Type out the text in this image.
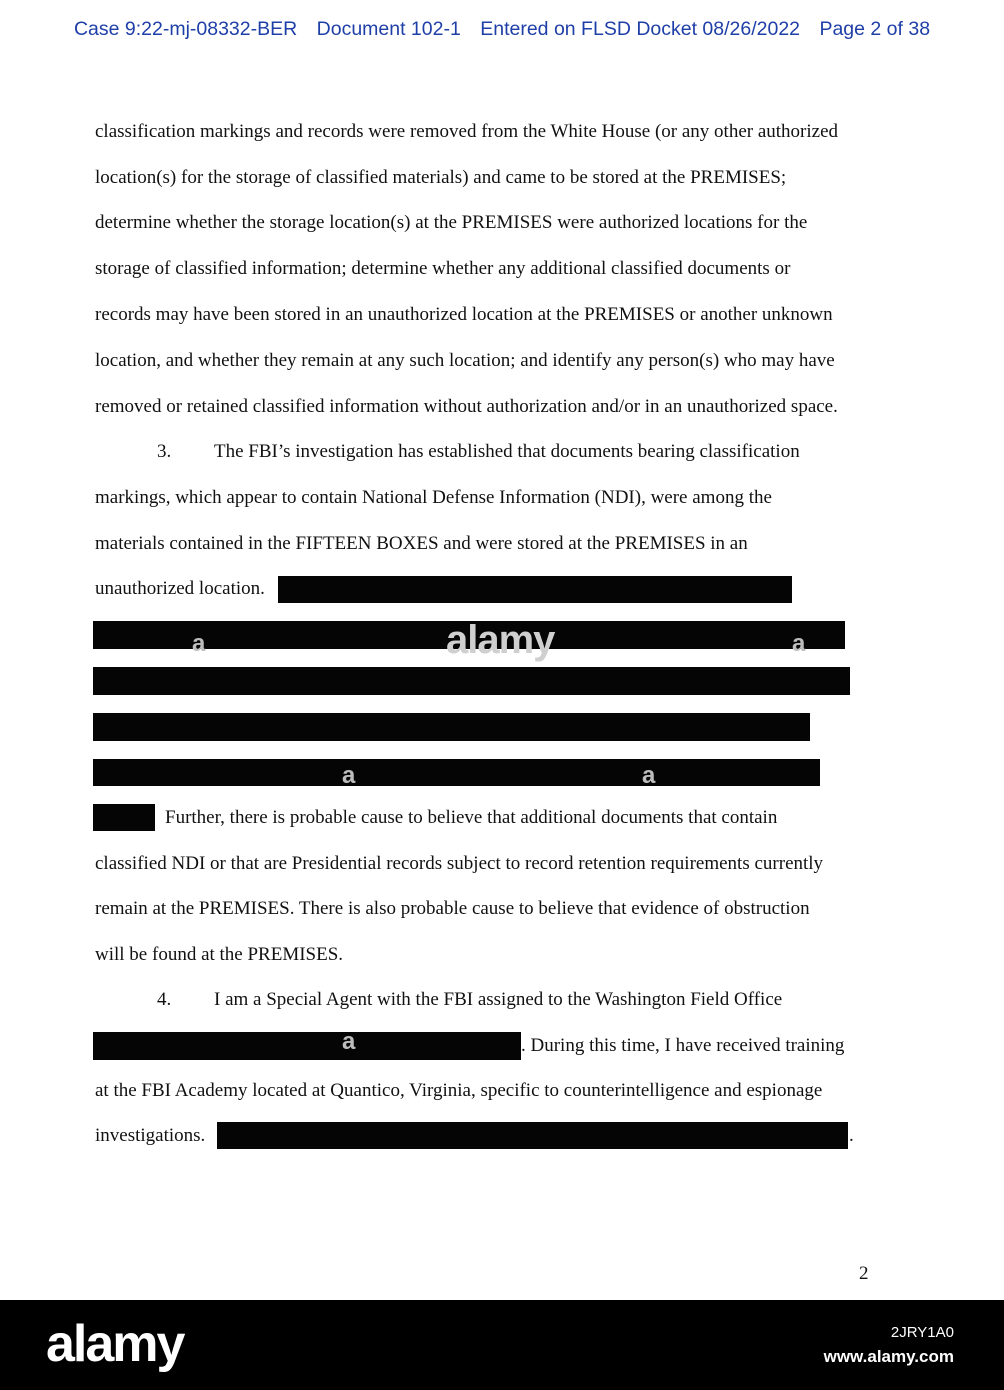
Case 9:22-mj-08332-BER Document 102-1 Entered on FLSD Docket 08/26/2022 Page 2 of 38
classification markings and records were removed from the White House (or any other authorized
location(s) for the storage of classified materials) and came to be stored at the PREMISES;
determine whether the storage location(s) at the PREMISES were authorized locations for the
storage of classified information; determine whether any additional classified documents or
records may have been stored in an unauthorized location at the PREMISES or another unknown
location, and whether they remain at any such location; and identify any person(s) who may have
removed or retained classified information without authorization and/or in an unauthorized space.
3. The FBI’s investigation has established that documents bearing classification
markings, which appear to contain National Defense Information (NDI), were among the
materials contained in the FIFTEEN BOXES and were stored at the PREMISES in an
unauthorized location.
Further, there is probable cause to believe that additional documents that contain
classified NDI or that are Presidential records subject to record retention requirements currently
remain at the PREMISES. There is also probable cause to believe that evidence of obstruction
will be found at the PREMISES.
4. I am a Special Agent with the FBI assigned to the Washington Field Office
. During this time, I have received training
at the FBI Academy located at Quantico, Virginia, specific to counterintelligence and espionage
investigations.	.
2
alamy
a	a
a	a
a
alamy	2JRY1A0
www.alamy.com
